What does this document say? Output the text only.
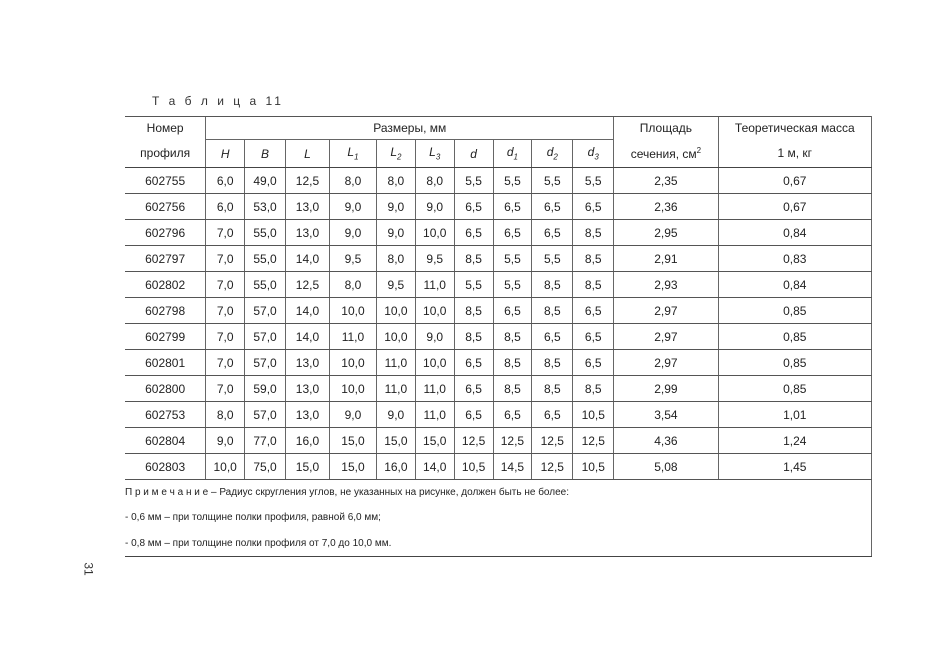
Т а б л и ц а 11
Номер	Размеры, мм										Площадь	Теоретическая масса
профиля	H	B	L	$L_1$	$L_2$	$L_3$	d	$d_1$	$d_2$	$d_3$	сечения, $см^2$	1 м, кг
602755	6,0	49,0	12,5	8,0	8,0	8,0	5,5	5,5	5,5	5,5	2,35	0,67
602756	6,0	53,0	13,0	9,0	9,0	9,0	6,5	6,5	6,5	6,5	2,36	0,67
602796	7,0	55,0	13,0	9,0	9,0	10,0	6,5	6,5	6,5	8,5	2,95	0,84
602797	7,0	55,0	14,0	9,5	8,0	9,5	8,5	5,5	5,5	8,5	2,91	0,83
602802	7,0	55,0	12,5	8,0	9,5	11,0	5,5	5,5	8,5	8,5	2,93	0,84
602798	7,0	57,0	14,0	10,0	10,0	10,0	8,5	6,5	8,5	6,5	2,97	0,85
602799	7,0	57,0	14,0	11,0	10,0	9,0	8,5	8,5	6,5	6,5	2,97	0,85
602801	7,0	57,0	13,0	10,0	11,0	10,0	6,5	8,5	8,5	6,5	2,97	0,85
602800	7,0	59,0	13,0	10,0	11,0	11,0	6,5	8,5	8,5	8,5	2,99	0,85
602753	8,0	57,0	13,0	9,0	9,0	11,0	6,5	6,5	6,5	10,5	3,54	1,01
602804	9,0	77,0	16,0	15,0	15,0	15,0	12,5	12,5	12,5	12,5	4,36	1,24
602803	10,0	75,0	15,0	15,0	16,0	14,0	10,5	14,5	12,5	10,5	5,08	1,45
П р и м е ч а н и е – Радиус скругления углов, не указанных на рисунке, должен быть не более:												
- 0,6 мм – при толщине полки профиля, равной 6,0 мм;												
- 0,8 мм – при толщине полки профиля от 7,0 до 10,0 мм.												
31
